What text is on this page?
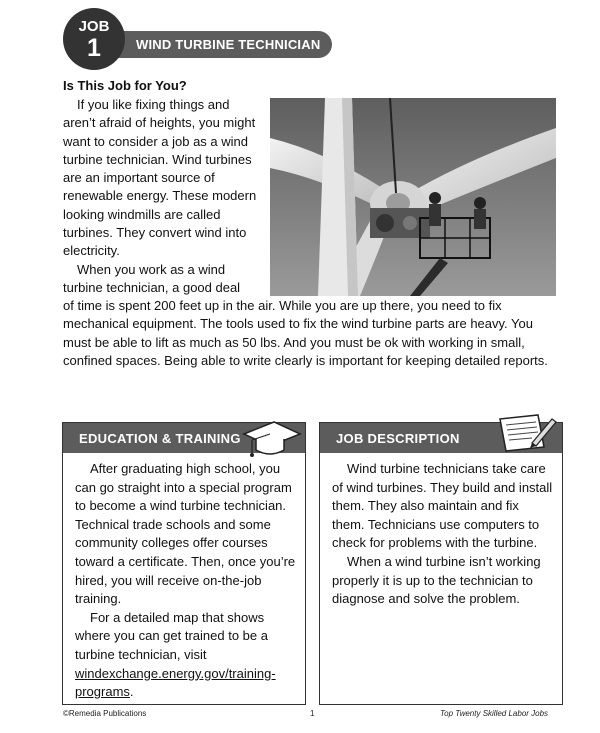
WIND TURBINE TECHNICIAN
JOB
1
Is This Job for You?

If you like fixing things and aren’t afraid of heights, you might want to consider a job as a wind turbine technician. Wind turbines are an important source of renewable energy. These modern looking windmills are called turbines. They convert wind into electricity.

When you work as a wind turbine technician, a good deal

of time is spent 200 feet up in the air. While you are up there, you need to fix mechanical equipment. The tools used to fix the wind turbine parts are heavy. You must be able to lift as much as 50 lbs. And you must be ok with working in small, confined spaces. Being able to write clearly is important for keeping detailed reports.
EDUCATION & TRAINING

After graduating high school, you can go straight into a special program to become a wind turbine technician. Technical trade schools and some community colleges offer courses toward a certificate. Then, once you’re hired, you will receive on-the-job training.

For a detailed map that shows where you can get trained to be a turbine technician, visit windexchange.energy.gov/training-programs.

JOB DESCRIPTION

Wind turbine technicians take care of wind turbines. They build and install them. They also maintain and fix them. Technicians use computers to check for problems with the turbine.

When a wind turbine isn’t working properly it is up to the technician to diagnose and solve the problem.

©Remedia Publications	1	Top Twenty Skilled Labor Jobs
